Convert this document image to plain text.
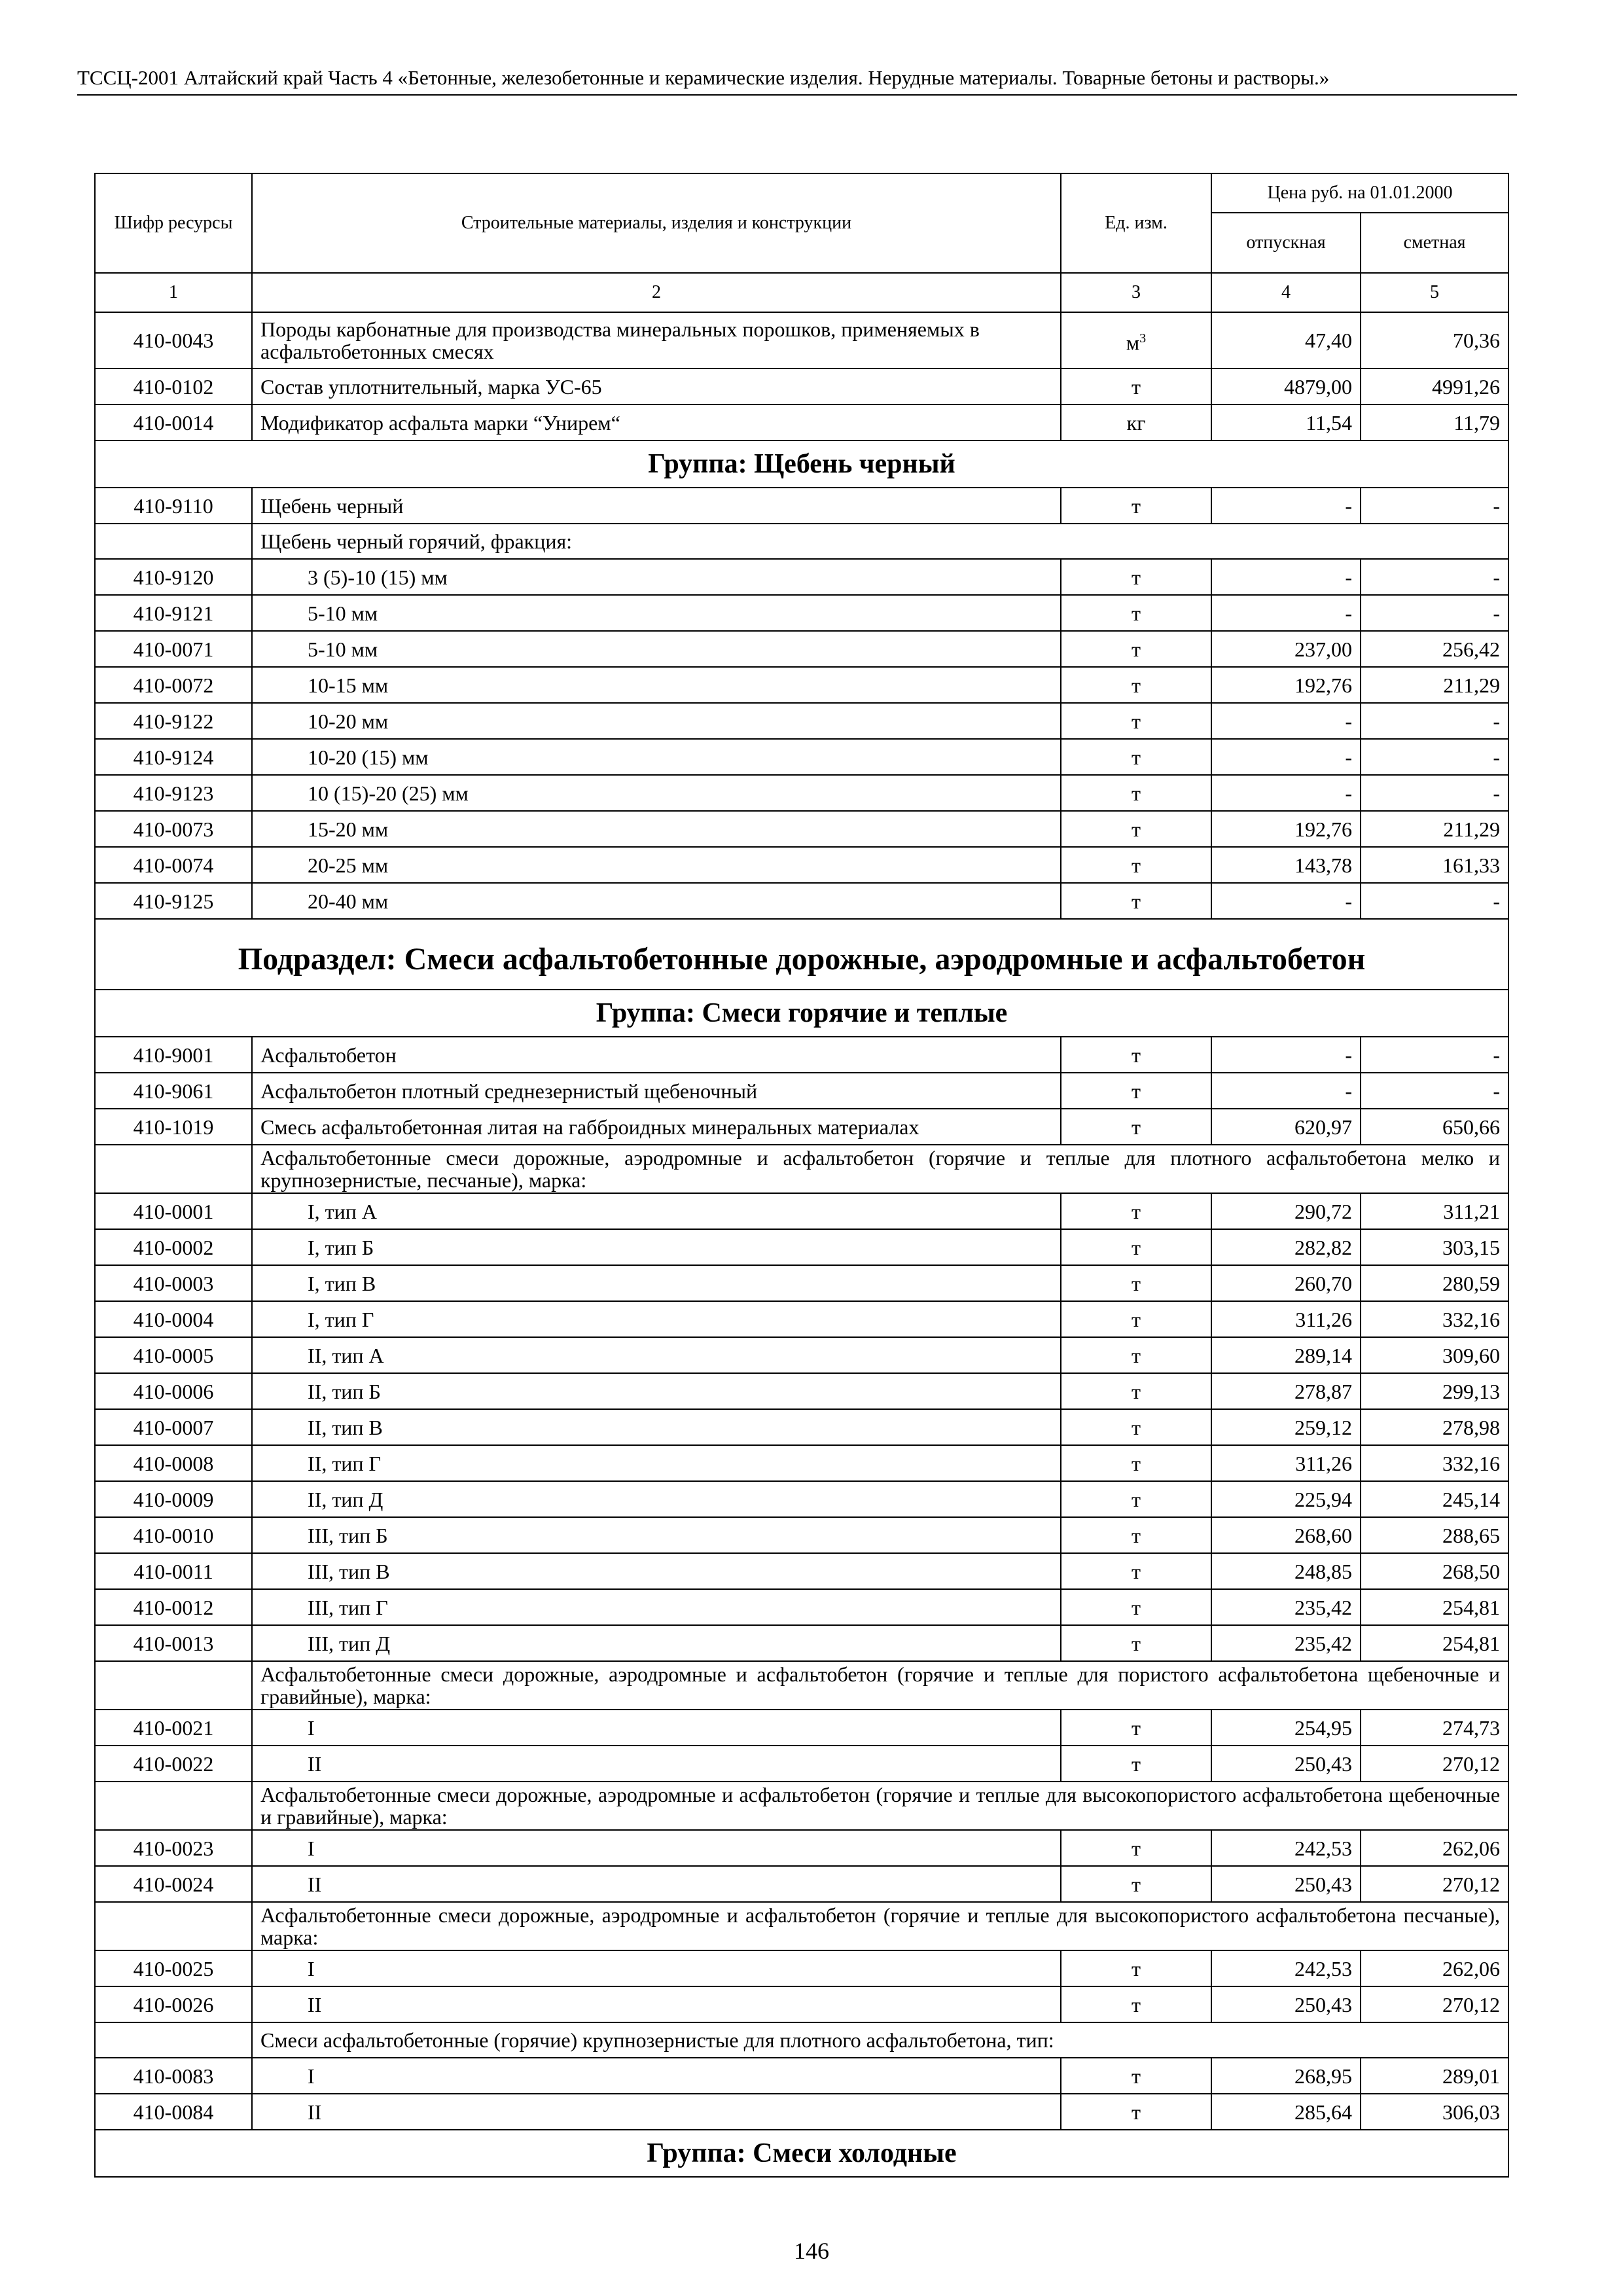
ТССЦ-2001 Алтайский край Часть 4 «Бетонные, железобетонные и керамические изделия. Нерудные материалы. Товарные бетоны и растворы.»
Шифр ресурсы	Строительные материалы, изделия и конструкции	Ед. изм.	Цена руб. на 01.01.2000	
			отпускная	сметная
1	2	3	4	5
410-0043	Породы карбонатные для производства минеральных порошков, применяемых в асфальтобетонных смесях	$м^3$	47,40	70,36
410-0102	Состав уплотнительный, марка УС-65	т	4879,00	4991,26
410-0014	Модификатор асфальта марки “Унирем“	кг	11,54	11,79
Группа: Щебень черный				
410-9110	Щебень черный	т	-	-
	Щебень черный горячий, фракция:			
410-9120	3 (5)-10 (15) мм	т	-	-
410-9121	5-10 мм	т	-	-
410-0071	5-10 мм	т	237,00	256,42
410-0072	10-15 мм	т	192,76	211,29
410-9122	10-20 мм	т	-	-
410-9124	10-20 (15) мм	т	-	-
410-9123	10 (15)-20 (25) мм	т	-	-
410-0073	15-20 мм	т	192,76	211,29
410-0074	20-25 мм	т	143,78	161,33
410-9125	20-40 мм	т	-	-
Подраздел: Смеси асфальтобетонные дорожные, аэродромные и асфальтобетон				
Группа: Смеси горячие и теплые				
410-9001	Асфальтобетон	т	-	-
410-9061	Асфальтобетон плотный среднезернистый щебеночный	т	-	-
410-1019	Смесь асфальтобетонная литая на габброидных минеральных материалах	т	620,97	650,66
	Асфальтобетонные смеси дорожные, аэродромные и асфальтобетон (горячие и теплые для плотного асфальтобетона мелко и крупнозернистые, песчаные), марка:			
410-0001	I, тип А	т	290,72	311,21
410-0002	I, тип Б	т	282,82	303,15
410-0003	I, тип В	т	260,70	280,59
410-0004	I, тип Г	т	311,26	332,16
410-0005	II, тип А	т	289,14	309,60
410-0006	II, тип Б	т	278,87	299,13
410-0007	II, тип В	т	259,12	278,98
410-0008	II, тип Г	т	311,26	332,16
410-0009	II, тип Д	т	225,94	245,14
410-0010	III, тип Б	т	268,60	288,65
410-0011	III, тип В	т	248,85	268,50
410-0012	III, тип Г	т	235,42	254,81
410-0013	III, тип Д	т	235,42	254,81
	Асфальтобетонные смеси дорожные, аэродромные и асфальтобетон (горячие и теплые для пористого асфальтобетона щебеночные и гравийные), марка:			
410-0021	I	т	254,95	274,73
410-0022	II	т	250,43	270,12
	Асфальтобетонные смеси дорожные, аэродромные и асфальтобетон (горячие и теплые для высокопористого асфальтобетона щебеночные и гравийные), марка:			
410-0023	I	т	242,53	262,06
410-0024	II	т	250,43	270,12
	Асфальтобетонные смеси дорожные, аэродромные и асфальтобетон (горячие и теплые для высокопористого асфальтобетона песчаные), марка:			
410-0025	I	т	242,53	262,06
410-0026	II	т	250,43	270,12
	Смеси асфальтобетонные (горячие) крупнозернистые для плотного асфальтобетона, тип:			
410-0083	I	т	268,95	289,01
410-0084	II	т	285,64	306,03
Группа: Смеси холодные				
146
